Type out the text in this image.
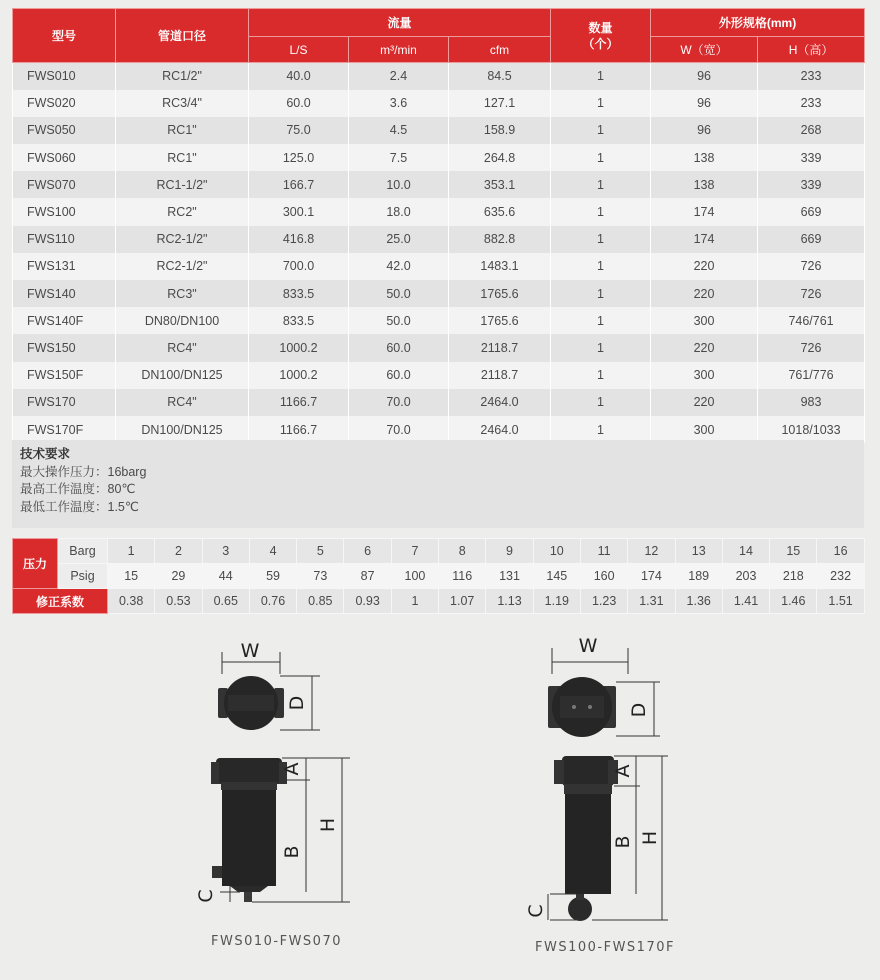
型号	管道口径	流量			数量
（个）	外形规格(mm)	
		L/S	m³/min	cfm		W（宽）	H（高）
FWS010	RC1/2"	40.0	2.4	84.5	1	96	233
FWS020	RC3/4"	60.0	3.6	127.1	1	96	233
FWS050	RC1"	75.0	4.5	158.9	1	96	268
FWS060	RC1"	125.0	7.5	264.8	1	138	339
FWS070	RC1-1/2"	166.7	10.0	353.1	1	138	339
FWS100	RC2"	300.1	18.0	635.6	1	174	669
FWS110	RC2-1/2"	416.8	25.0	882.8	1	174	669
FWS131	RC2-1/2"	700.0	42.0	1483.1	1	220	726
FWS140	RC3"	833.5	50.0	1765.6	1	220	726
FWS140F	DN80/DN100	833.5	50.0	1765.6	1	300	746/761
FWS150	RC4"	1000.2	60.0	2118.7	1	220	726
FWS150F	DN100/DN125	1000.2	60.0	2118.7	1	300	761/776
FWS170	RC4"	1166.7	70.0	2464.0	1	220	983
FWS170F	DN100/DN125	1166.7	70.0	2464.0	1	300	1018/1033
技术要求
最大操作压力：16barg
最高工作温度：80℃
最低工作温度：1.5℃
压力	Barg	1	2	3	4	5	6	7	8	9	10	11	12	13	14	15	16
	Psig	15	29	44	59	73	87	100	116	131	145	160	174	189	203	218	232
修正系数		0.38	0.53	0.65	0.76	0.85	0.93	1	1.07	1.13	1.19	1.23	1.31	1.36	1.41	1.46	1.51
W
D
A
B
H
C
FWS010-FWS070
W
D
A
B H
C
FWS100-FWS170F
